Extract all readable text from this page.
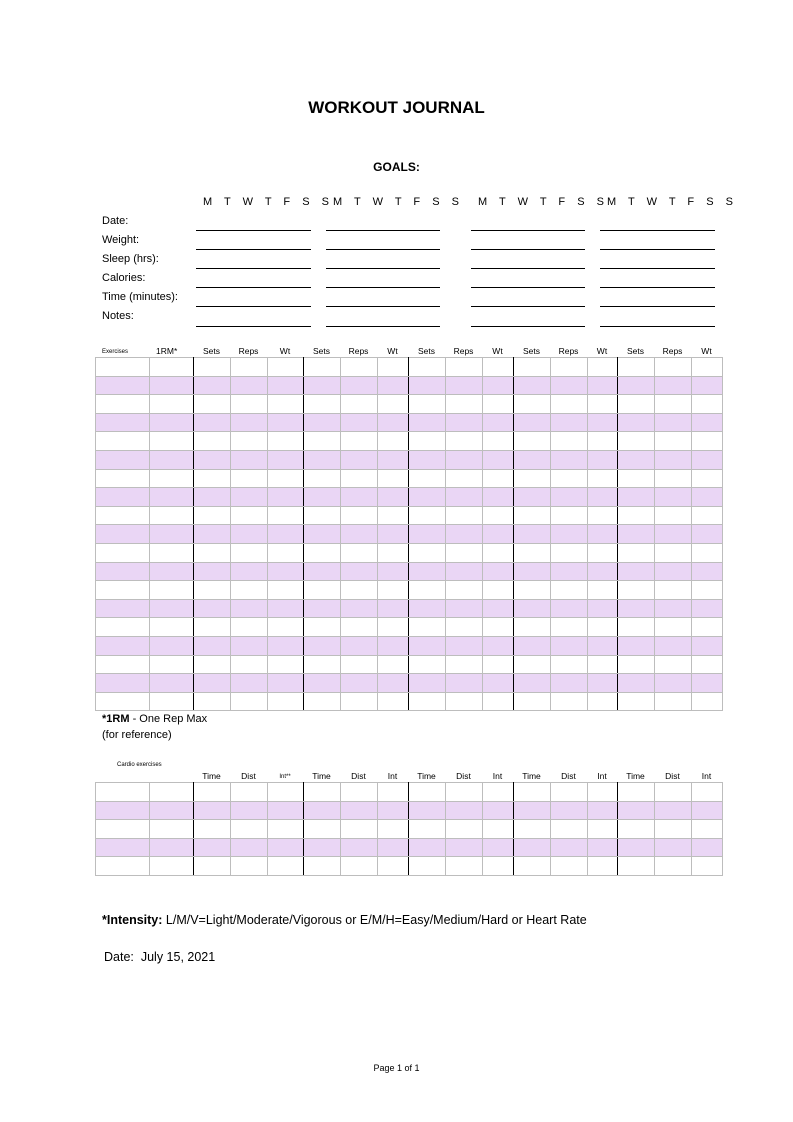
WORKOUT JOURNAL
GOALS:
M T W T F S S M T W T F S S M T W T F S S
M T W T F S S
Date:
Weight:
Sleep (hrs):
Calories:
Time (minutes):
Notes:
Exercises	1RM*	Sets	Reps	Wt	Sets	Reps	Wt	Sets	Reps	Wt	Sets	Reps	Wt	Sets	Reps	Wt

*1RM - One Rep Max
(for reference)
Cardio exercises
Time	Dist	Int**	Time	Dist	Int	Time	Dist	Int	Time	Dist	Int	Time	Dist	Int

*Intensity: L/M/V=Light/Moderate/Vigorous or E/M/H=Easy/Medium/Hard or Heart Rate
Date: July 15, 2021
Page 1 of 1
